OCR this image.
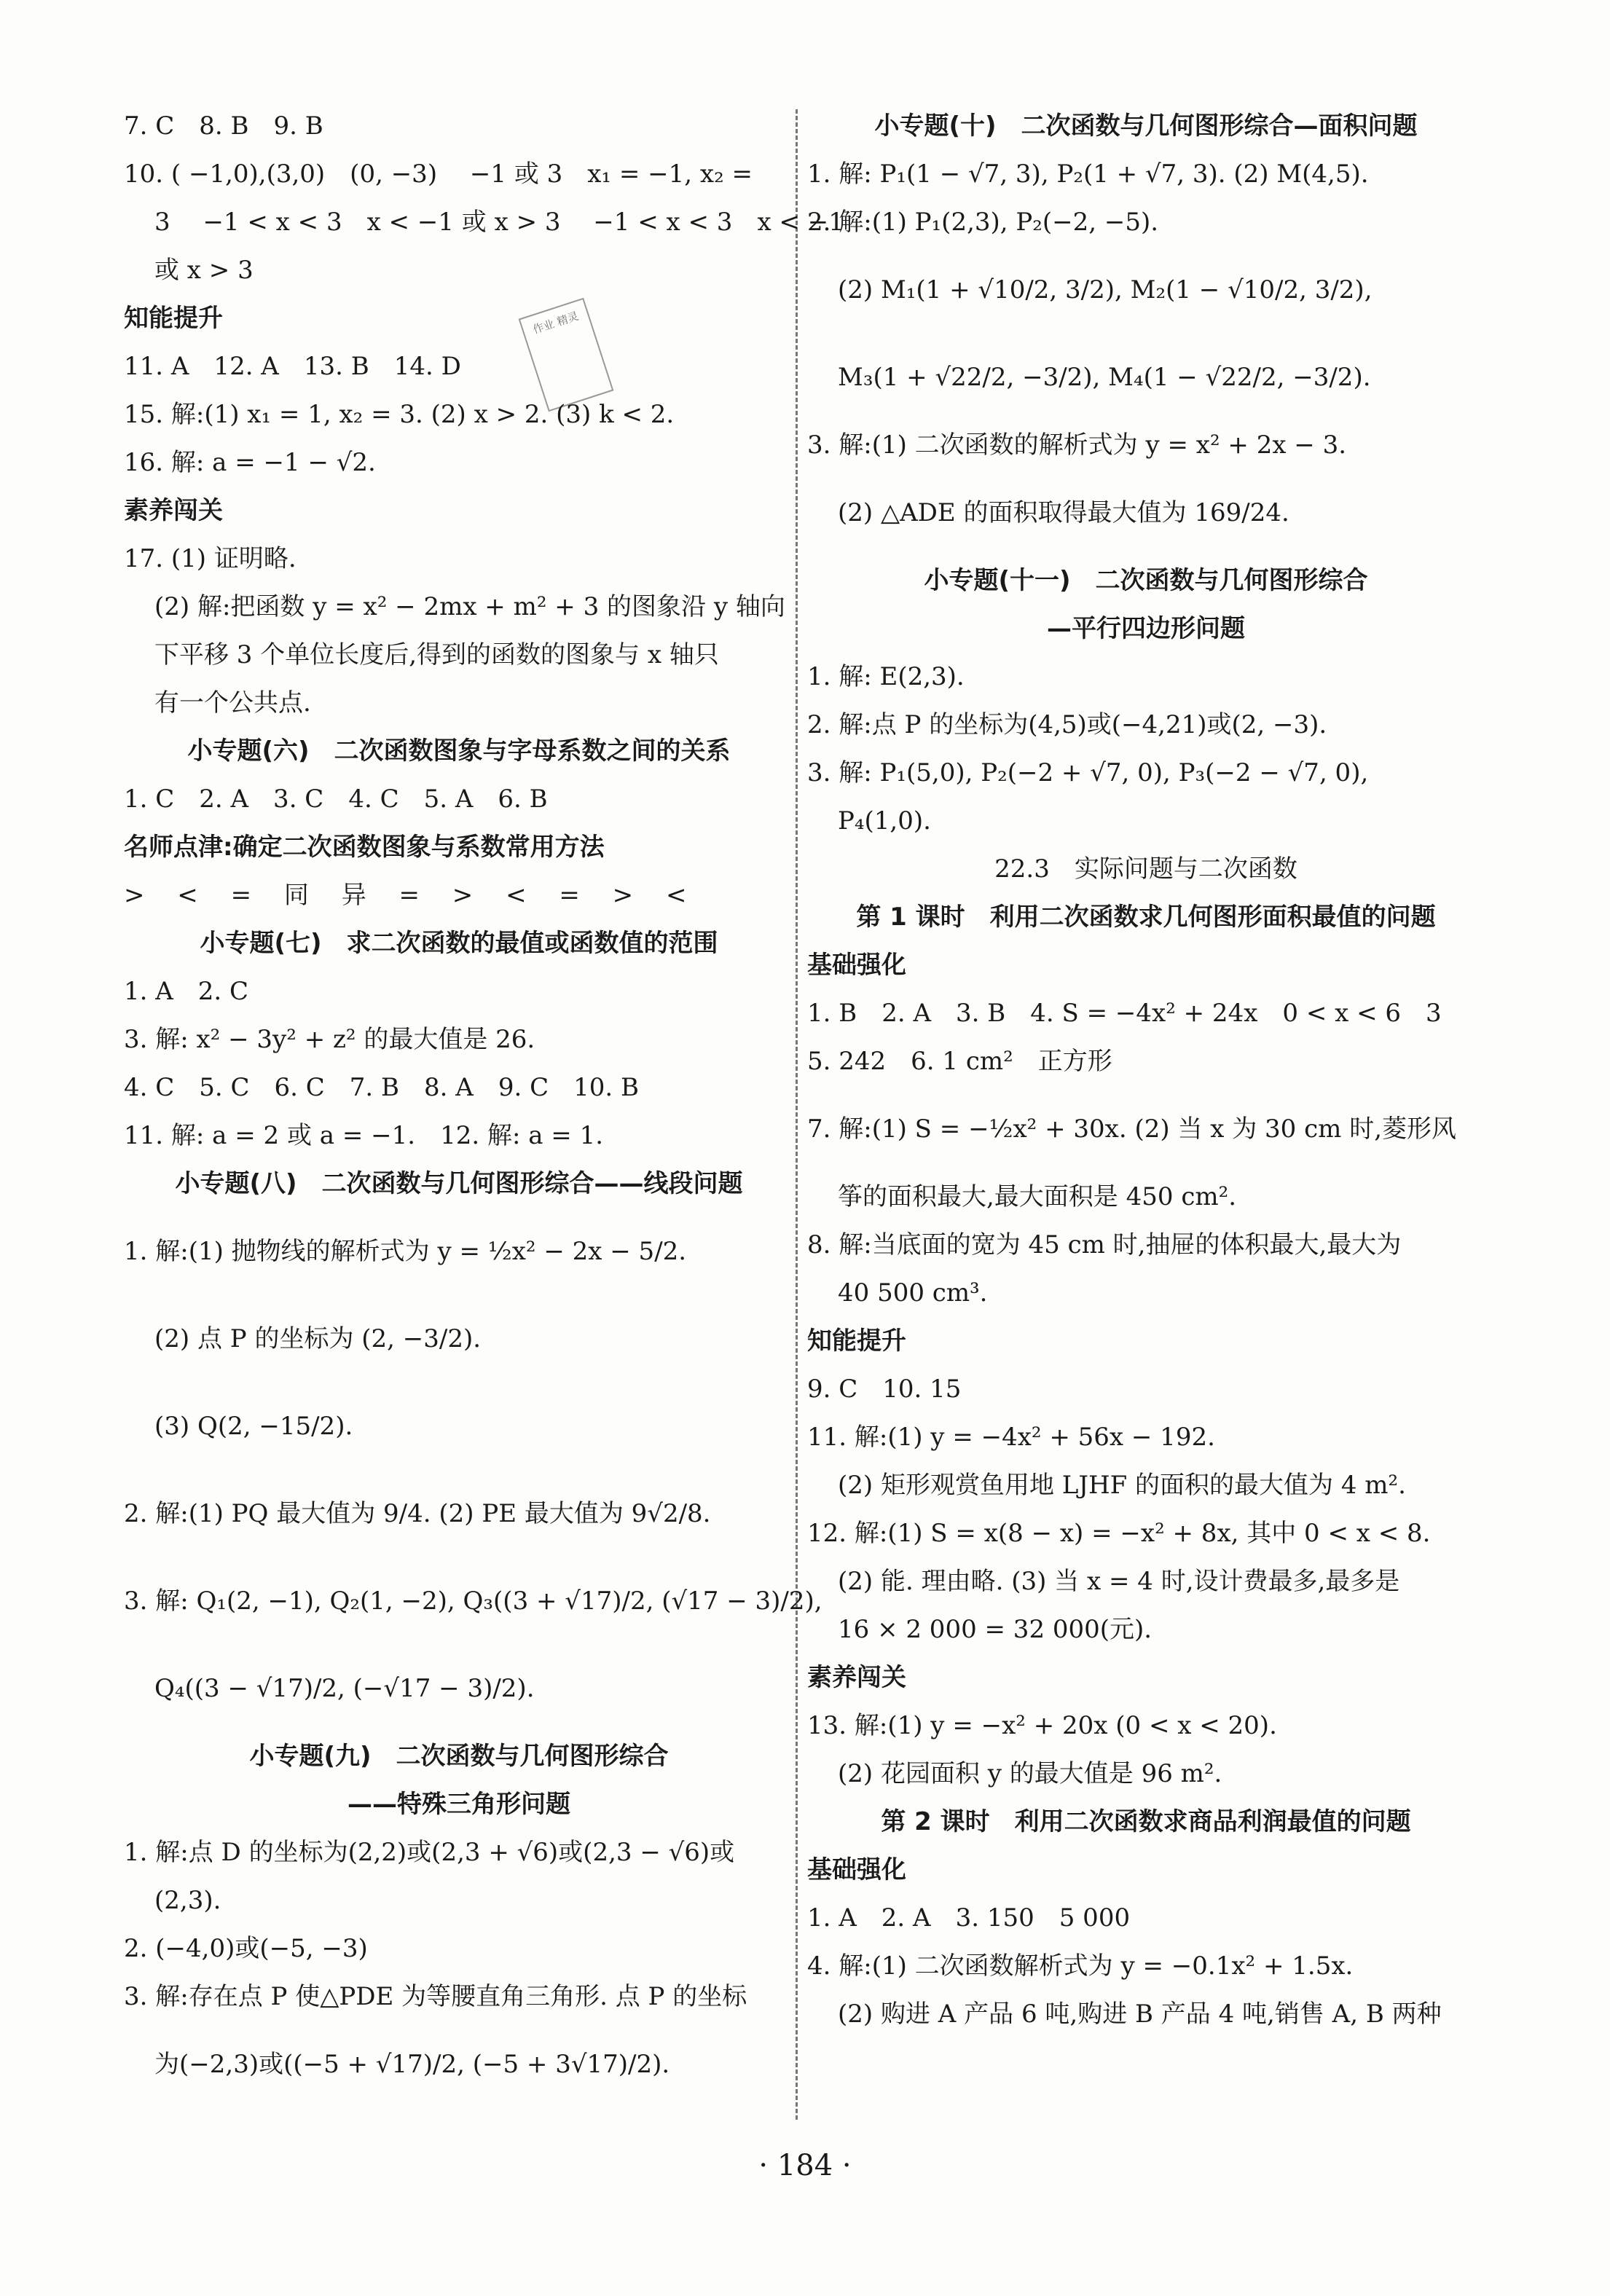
作业 精灵
7. C　8. B　9. B
10. ( −1,0),(3,0)　(0, −3)　 −1 或 3　x₁ = −1, x₂ =
3　 −1 < x < 3　x < −1 或 x > 3　 −1 < x < 3　x < −1
或 x > 3
知能提升
11. A　12. A　13. B　14. D
15. 解:(1) x₁ = 1, x₂ = 3. (2) x > 2. (3) k < 2.
16. 解: a = −1 − √2.
素养闯关
17. (1) 证明略.
(2) 解:把函数 y = x² − 2mx + m² + 3 的图象沿 y 轴向
下平移 3 个单位长度后,得到的函数的图象与 x 轴只
有一个公共点.
小专题(六)　二次函数图象与字母系数之间的关系
1. C　2. A　3. C　4. C　5. A　6. B
名师点津:确定二次函数图象与系数常用方法
>　 <　 =　 同　 异　 =　 >　 <　 =　 >　 <
小专题(七)　求二次函数的最值或函数值的范围
1. A　2. C
3. 解: x² − 3y² + z² 的最大值是 26.
4. C　5. C　6. C　7. B　8. A　9. C　10. B
11. 解: a = 2 或 a = −1.　12. 解: a = 1.
小专题(八)　二次函数与几何图形综合——线段问题
1. 解:(1) 抛物线的解析式为 y = ½x² − 2x − 5/2.
(2) 点 P 的坐标为 (2, −3/2).
(3) Q(2, −15/2).
2. 解:(1) PQ 最大值为 9/4. (2) PE 最大值为 9√2/8.
3. 解: Q₁(2, −1), Q₂(1, −2), Q₃((3 + √17)/2, (√17 − 3)/2),
Q₄((3 − √17)/2, (−√17 − 3)/2).
小专题(九)　二次函数与几何图形综合
——特殊三角形问题
1. 解:点 D 的坐标为(2,2)或(2,3 + √6)或(2,3 − √6)或
(2,3).
2. (−4,0)或(−5, −3)
3. 解:存在点 P 使△PDE 为等腰直角三角形. 点 P 的坐标
为(−2,3)或((−5 + √17)/2, (−5 + 3√17)/2).
小专题(十)　二次函数与几何图形综合—面积问题
1. 解: P₁(1 − √7, 3), P₂(1 + √7, 3). (2) M(4,5).
2. 解:(1) P₁(2,3), P₂(−2, −5).
(2) M₁(1 + √10/2, 3/2), M₂(1 − √10/2, 3/2),
M₃(1 + √22/2, −3/2), M₄(1 − √22/2, −3/2).
3. 解:(1) 二次函数的解析式为 y = x² + 2x − 3.
(2) △ADE 的面积取得最大值为 169/24.
小专题(十一)　二次函数与几何图形综合
—平行四边形问题
1. 解: E(2,3).
2. 解:点 P 的坐标为(4,5)或(−4,21)或(2, −3).
3. 解: P₁(5,0), P₂(−2 + √7, 0), P₃(−2 − √7, 0),
P₄(1,0).
22.3　实际问题与二次函数
第 1 课时　利用二次函数求几何图形面积最值的问题
基础强化
1. B　2. A　3. B　4. S = −4x² + 24x　0 < x < 6　3
5. 242　6. 1 cm²　正方形
7. 解:(1) S = −½x² + 30x. (2) 当 x 为 30 cm 时,菱形风
筝的面积最大,最大面积是 450 cm².
8. 解:当底面的宽为 45 cm 时,抽屉的体积最大,最大为
40 500 cm³.
知能提升
9. C　10. 15
11. 解:(1) y = −4x² + 56x − 192.
(2) 矩形观赏鱼用地 LJHF 的面积的最大值为 4 m².
12. 解:(1) S = x(8 − x) = −x² + 8x, 其中 0 < x < 8.
(2) 能. 理由略. (3) 当 x = 4 时,设计费最多,最多是
16 × 2 000 = 32 000(元).
素养闯关
13. 解:(1) y = −x² + 20x (0 < x < 20).
(2) 花园面积 y 的最大值是 96 m².
第 2 课时　利用二次函数求商品利润最值的问题
基础强化
1. A　2. A　3. 150　5 000
4. 解:(1) 二次函数解析式为 y = −0.1x² + 1.5x.
(2) 购进 A 产品 6 吨,购进 B 产品 4 吨,销售 A, B 两种
· 184 ·
